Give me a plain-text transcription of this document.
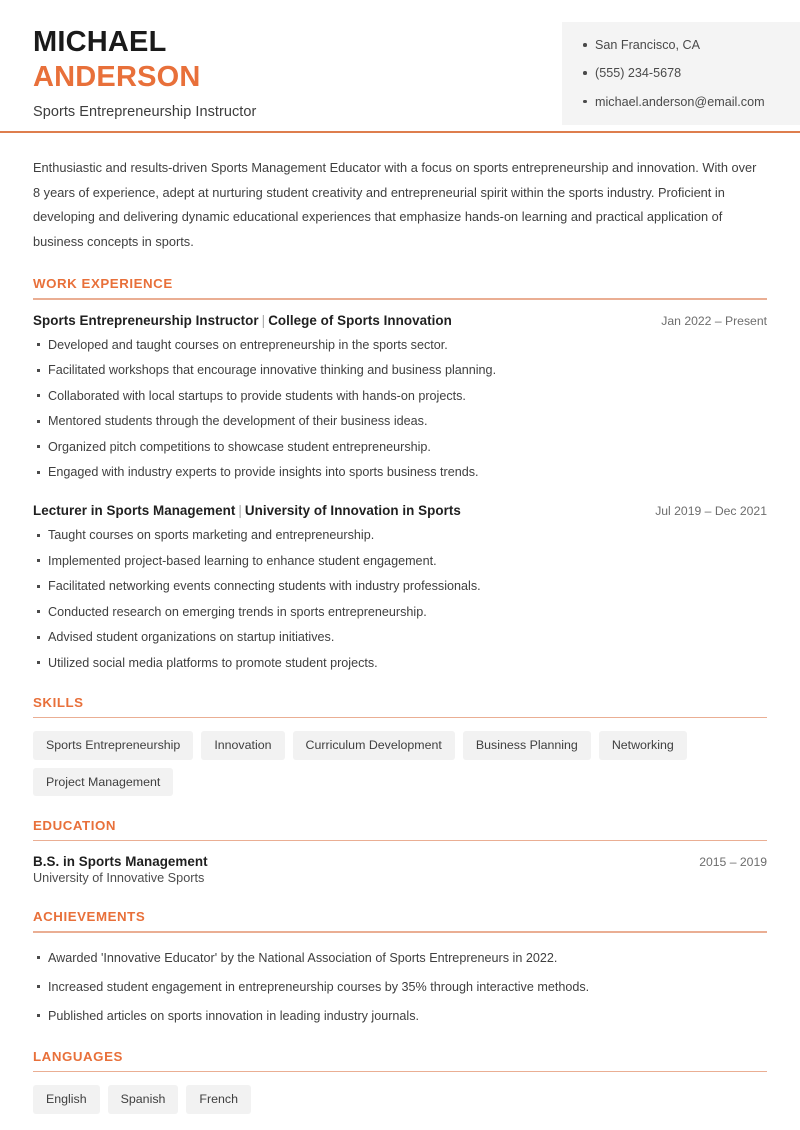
MICHAEL
ANDERSON
Sports Entrepreneurship Instructor
San Francisco, CA
(555) 234-5678
michael.anderson@email.com
Enthusiastic and results-driven Sports Management Educator with a focus on sports entrepreneurship and innovation. With over 8 years of experience, adept at nurturing student creativity and entrepreneurial spirit within the sports industry. Proficient in developing and delivering dynamic educational experiences that emphasize hands-on learning and practical application of business concepts in sports.
WORK EXPERIENCE
Sports Entrepreneurship Instructor | College of Sports Innovation	Jan 2022 – Present
Developed and taught courses on entrepreneurship in the sports sector.
Facilitated workshops that encourage innovative thinking and business planning.
Collaborated with local startups to provide students with hands-on projects.
Mentored students through the development of their business ideas.
Organized pitch competitions to showcase student entrepreneurship.
Engaged with industry experts to provide insights into sports business trends.
Lecturer in Sports Management | University of Innovation in Sports	Jul 2019 – Dec 2021
Taught courses on sports marketing and entrepreneurship.
Implemented project-based learning to enhance student engagement.
Facilitated networking events connecting students with industry professionals.
Conducted research on emerging trends in sports entrepreneurship.
Advised student organizations on startup initiatives.
Utilized social media platforms to promote student projects.
SKILLS
Sports Entrepreneurship	Innovation	Curriculum Development	Business Planning	Networking
Project Management
EDUCATION
B.S. in Sports Management	2015 – 2019
University of Innovative Sports
ACHIEVEMENTS
Awarded 'Innovative Educator' by the National Association of Sports Entrepreneurs in 2022.
Increased student engagement in entrepreneurship courses by 35% through interactive methods.
Published articles on sports innovation in leading industry journals.
LANGUAGES
English	Spanish	French
